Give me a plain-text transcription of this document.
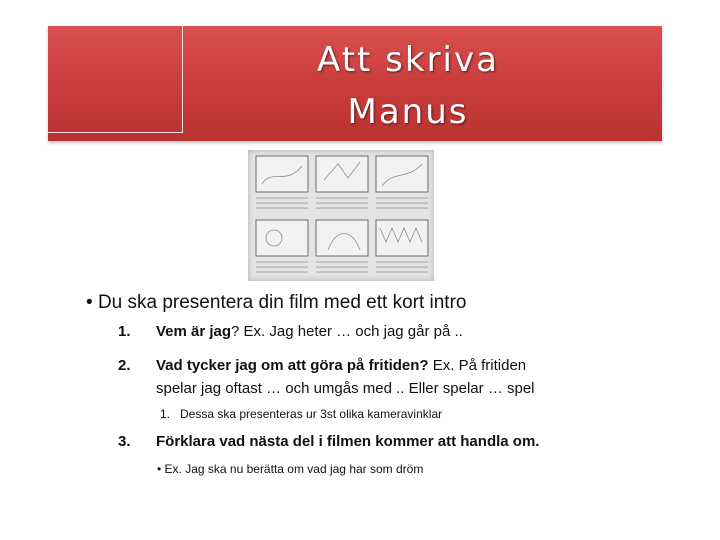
Att skriva
Manus
• Du ska presentera din film med ett kort intro
1. Vem är jag? Ex. Jag heter … och jag går på ..
2. Vad tycker jag om att göra på fritiden? Ex. På fritiden
spelar jag oftast … och umgås med .. Eller spelar … spel
1. Dessa ska presenteras ur 3st olika kameravinklar
3. Förklara vad nästa del i filmen kommer att handla om.
• Ex. Jag ska nu berätta om vad jag har som dröm
